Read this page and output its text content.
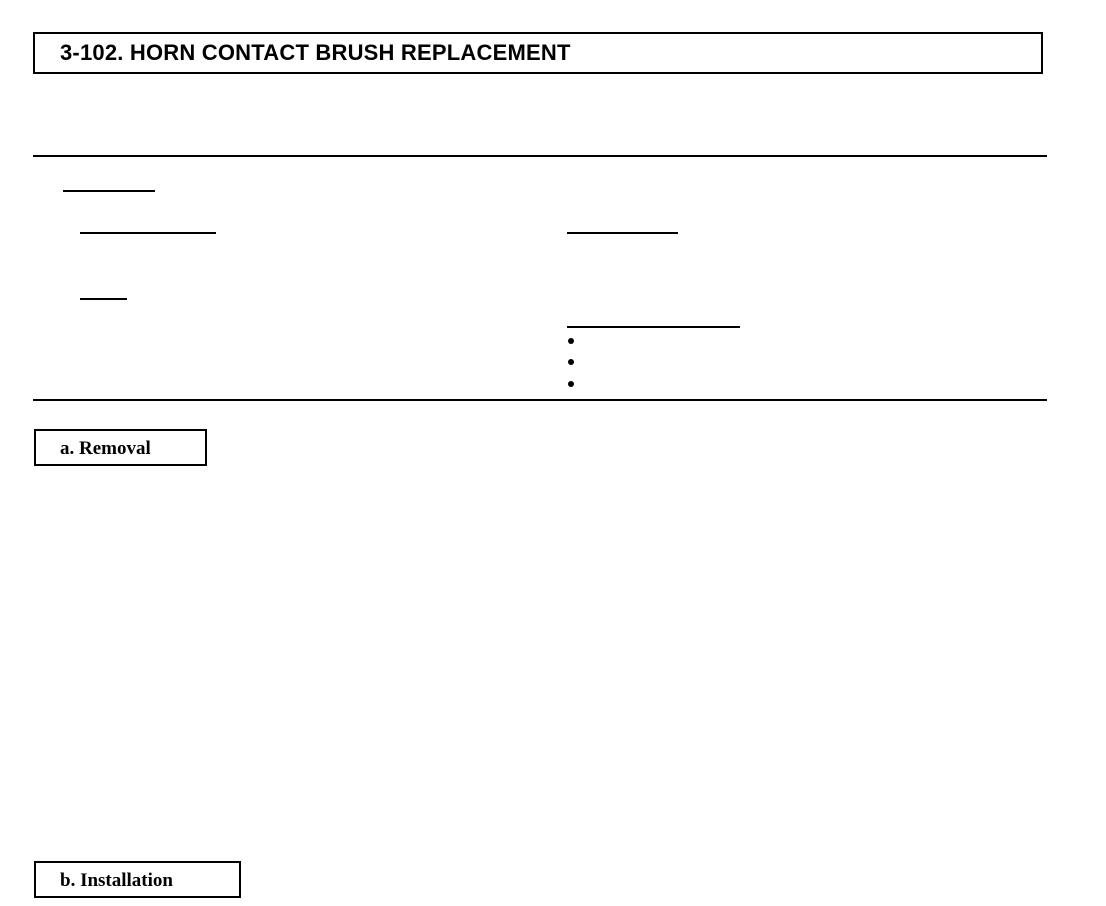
3-102. HORN CONTACT BRUSH REPLACEMENT
a. Removal
b. Installation
